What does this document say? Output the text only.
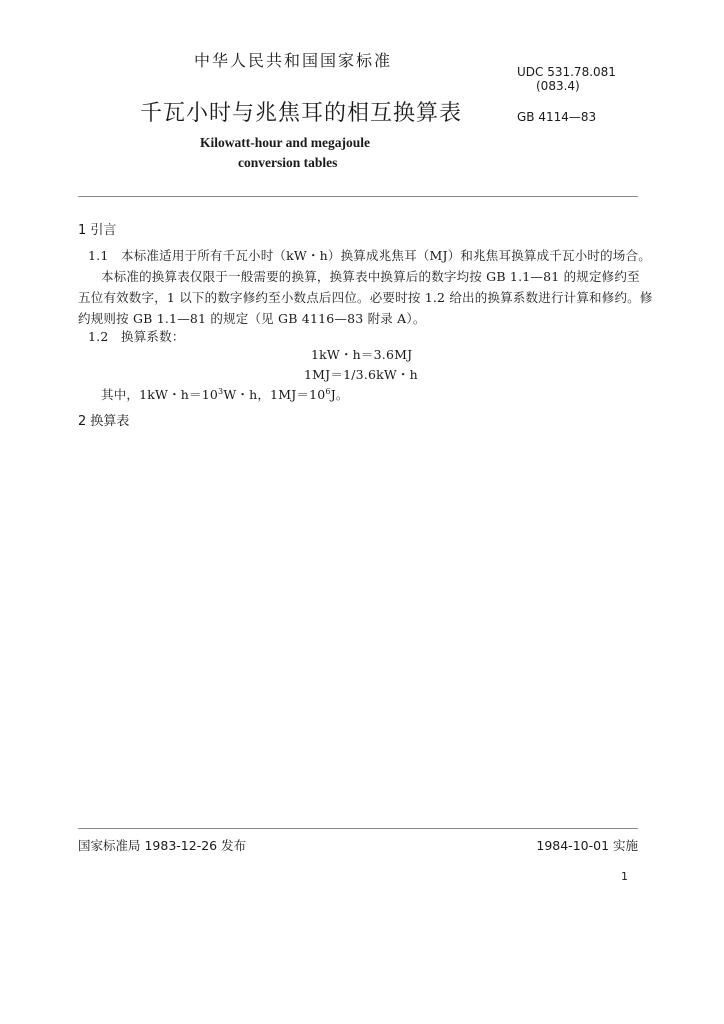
中华人民共和国国家标准
UDC 531.78.081
(083.4)
千瓦小时与兆焦耳的相互换算表	GB 4114—83
Kilowatt-hour and megajoule
conversion tables
1 引言
1.1 本标准适用于所有千瓦小时（kW・h）换算成兆焦耳（MJ）和兆焦耳换算成千瓦小时的场合。
本标准的换算表仅限于一般需要的换算，换算表中换算后的数字均按 GB 1.1—81 的规定修约至
五位有效数字，1 以下的数字修约至小数点后四位。必要时按 1.2 给出的换算系数进行计算和修约。修
约规则按 GB 1.1—81 的规定（见 GB 4116—83 附录 A）。
1.2 换算系数：
1kW・h＝3.6MJ
1MJ＝1/3.6kW・h
其中，1kW・$h=10^3W$・h，$1MJ=10^6J$。
2 换算表
国家标准局 1983-12-26 发布	1984-10-01 实施
1
